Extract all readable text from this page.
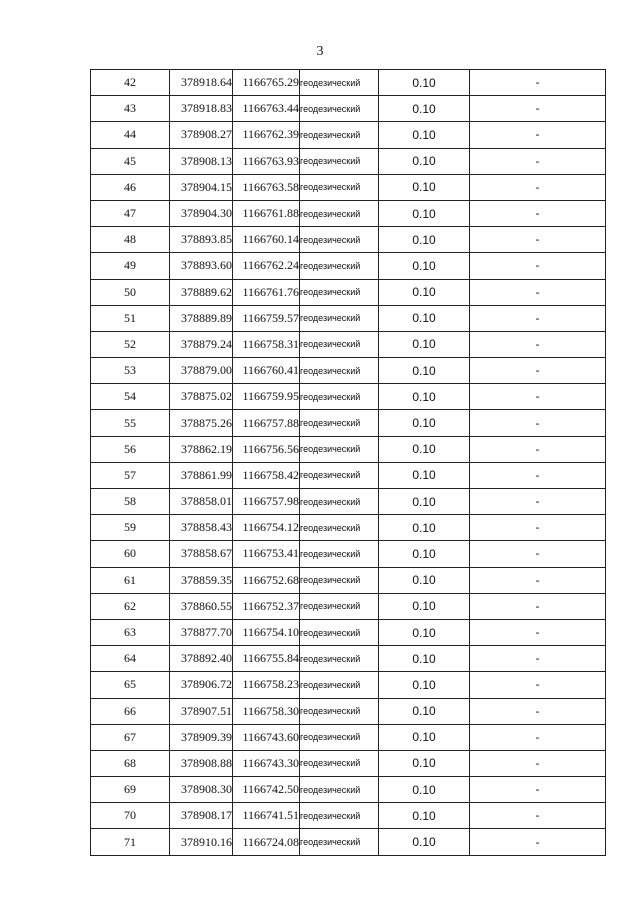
3
42	378918.64	1166765.29	геодезический	0.10	-
43	378918.83	1166763.44	геодезический	0.10	-
44	378908.27	1166762.39	геодезический	0.10	-
45	378908.13	1166763.93	геодезический	0.10	-
46	378904.15	1166763.58	геодезический	0.10	-
47	378904.30	1166761.88	геодезический	0.10	-
48	378893.85	1166760.14	геодезический	0.10	-
49	378893.60	1166762.24	геодезический	0.10	-
50	378889.62	1166761.76	геодезический	0.10	-
51	378889.89	1166759.57	геодезический	0.10	-
52	378879.24	1166758.31	геодезический	0.10	-
53	378879.00	1166760.41	геодезический	0.10	-
54	378875.02	1166759.95	геодезический	0.10	-
55	378875.26	1166757.88	геодезический	0.10	-
56	378862.19	1166756.56	геодезический	0.10	-
57	378861.99	1166758.42	геодезический	0.10	-
58	378858.01	1166757.98	геодезический	0.10	-
59	378858.43	1166754.12	геодезический	0.10	-
60	378858.67	1166753.41	геодезический	0.10	-
61	378859.35	1166752.68	геодезический	0.10	-
62	378860.55	1166752.37	геодезический	0.10	-
63	378877.70	1166754.10	геодезический	0.10	-
64	378892.40	1166755.84	геодезический	0.10	-
65	378906.72	1166758.23	геодезический	0.10	-
66	378907.51	1166758.30	геодезический	0.10	-
67	378909.39	1166743.60	геодезический	0.10	-
68	378908.88	1166743.30	геодезический	0.10	-
69	378908.30	1166742.50	геодезический	0.10	-
70	378908.17	1166741.51	геодезический	0.10	-
71	378910.16	1166724.08	геодезический	0.10	-
